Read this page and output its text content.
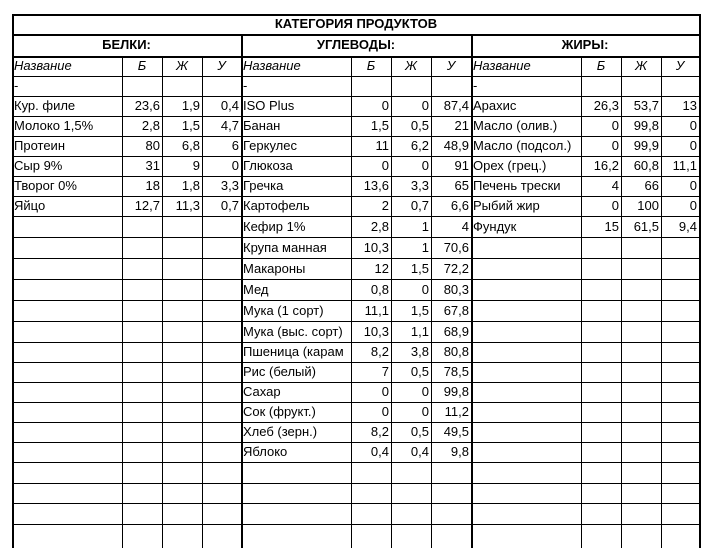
КАТЕГОРИЯ ПРОДУКТОВ
БЕЛКИ:
Название	Б	Ж	У
-
Кур. филе	23,6	1,9	0,4
Молоко 1,5%	2,8	1,5	4,7
Протеин	80	6,8	6
Сыр 9%	31	9	0
Творог 0%	18	1,8	3,3
Яйцо	12,7	11,3	0,7
УГЛЕВОДЫ:
Название	Б	Ж	У
-
ISO Plus	0	0	87,4
Банан	1,5	0,5	21
Геркулес	11	6,2	48,9
Глюкоза	0	0	91
Гречка	13,6	3,3	65
Картофель	2	0,7	6,6
Кефир 1%	2,8	1	4
Крупа манная	10,3	1	70,6
Макароны	12	1,5	72,2
Мед	0,8	0	80,3
Мука (1 сорт)	11,1	1,5	67,8
Мука (выс. сорт)	10,3	1,1	68,9
Пшеница (карам	8,2	3,8	80,8
Рис (белый)	7	0,5	78,5
Сахар	0	0	99,8
Сок (фрукт.)	0	0	11,2
Хлеб (зерн.)	8,2	0,5	49,5
Яблоко	0,4	0,4	9,8
ЖИРЫ:
Название	Б	Ж	У
-
Арахис	26,3	53,7	13
Масло (олив.)	0	99,8	0
Масло (подсол.)	0	99,9	0
Орех (грец.)	16,2	60,8	11,1
Печень трески	4	66	0
Рыбий жир	0	100	0
Фундук	15	61,5	9,4
